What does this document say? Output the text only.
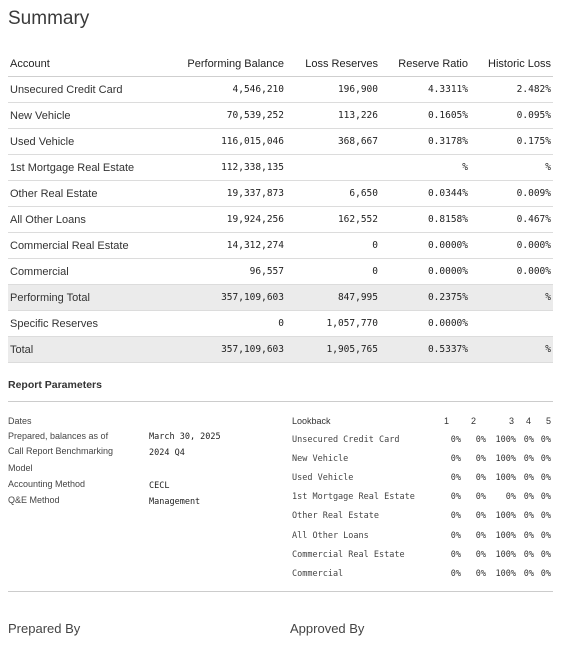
Summary
Account	Performing Balance	Loss Reserves	Reserve Ratio	Historic Loss
Unsecured Credit Card	4,546,210	196,900	4.3311%	2.482%
New Vehicle	70,539,252	113,226	0.1605%	0.095%
Used Vehicle	116,015,046	368,667	0.3178%	0.175%
1st Mortgage Real Estate	112,338,135		%	%
Other Real Estate	19,337,873	6,650	0.0344%	0.009%
All Other Loans	19,924,256	162,552	0.8158%	0.467%
Commercial Real Estate	14,312,274	0	0.0000%	0.000%
Commercial	96,557	0	0.0000%	0.000%
Performing Total	357,109,603	847,995	0.2375%	%
Specific Reserves	0	1,057,770	0.0000%	
Total	357,109,603	1,905,765	0.5337%	%
Report Parameters
Dates
Prepared, balances as of	March 30, 2025
Call Report Benchmarking	2024 Q4
Model
Accounting Method	CECL
Q&E Method	Management
Lookback	1 2	3 4 5
Unsecured Credit Card	0% 0% 100% 0% 0%
New Vehicle	0% 0% 100% 0% 0%
Used Vehicle	0% 0% 100% 0% 0%
1st Mortgage Real Estate	0% 0% 0% 0% 0%
Other Real Estate	0% 0% 100% 0% 0%
All Other Loans	0% 0% 100% 0% 0%
Commercial Real Estate	0% 0% 100% 0% 0%
Commercial	0% 0% 100% 0% 0%
Prepared By	Approved By
